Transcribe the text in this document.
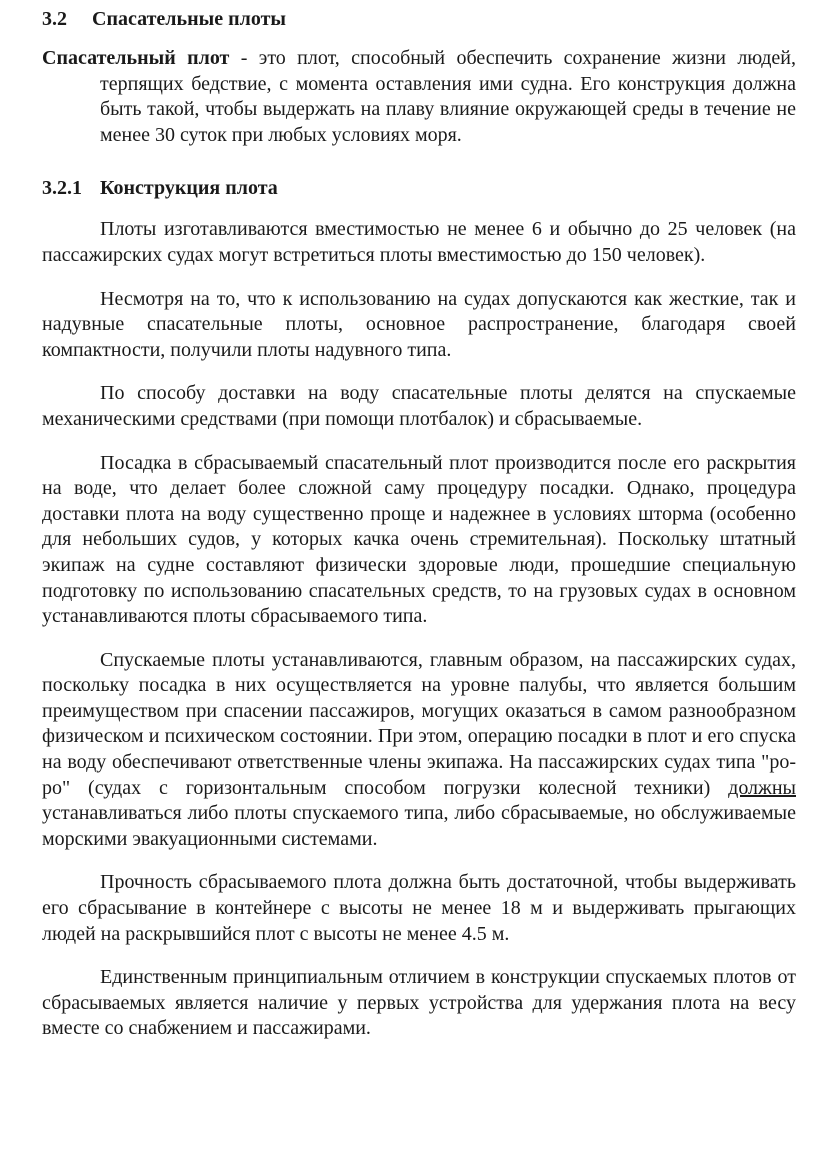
3.2 Спасательные плоты

Спасательный плот - это плот, способный обеспечить сохранение жизни людей, терпящих бедствие, с момента оставления ими судна. Его конструкция должна быть такой, чтобы выдержать на плаву влияние окружающей среды в течение не менее 30 суток при любых условиях моря.

3.2.1 Конструкция плота

Плоты изготавливаются вместимостью не менее 6 и обычно до 25 человек (на пассажирских судах могут встретиться плоты вместимостью до 150 человек).

Несмотря на то, что к использованию на судах допускаются как жесткие, так и надувные спасательные плоты, основное распространение, благодаря своей компактности, получили плоты надувного типа.

По способу доставки на воду спасательные плоты делятся на спускаемые механическими средствами (при помощи плотбалок) и сбрасываемые.

Посадка в сбрасываемый спасательный плот производится после его раскрытия на воде, что делает более сложной саму процедуру посадки. Однако, процедура доставки плота на воду существенно проще и надежнее в условиях шторма (особенно для небольших судов, у которых качка очень стремительная). Поскольку штатный экипаж на судне составляют физически здоровые люди, прошедшие специальную подготовку по использованию спасательных средств, то на грузовых судах в основном устанавливаются плоты сбрасываемого типа.

Спускаемые плоты устанавливаются, главным образом, на пассажирских судах, поскольку посадка в них осуществляется на уровне палубы, что является большим преимуществом при спасении пассажиров, могущих оказаться в самом разнообразном физическом и психическом состоянии. При этом, операцию посадки в плот и его спуска на воду обеспечивают ответственные члены экипажа. На пассажирских судах типа "ро-ро" (судах с горизонтальным способом погрузки колесной техники) должны устанавливаться либо плоты спускаемого типа, либо сбрасываемые, но обслуживаемые морскими эвакуационными системами.

Прочность сбрасываемого плота должна быть достаточной, чтобы выдерживать его сбрасывание в контейнере с высоты не менее 18 м и выдерживать прыгающих людей на раскрывшийся плот с высоты не менее 4.5 м.

Единственным принципиальным отличием в конструкции спускаемых плотов от сбрасываемых является наличие у первых устройства для удержания плота на весу вместе со снабжением и пассажирами.
